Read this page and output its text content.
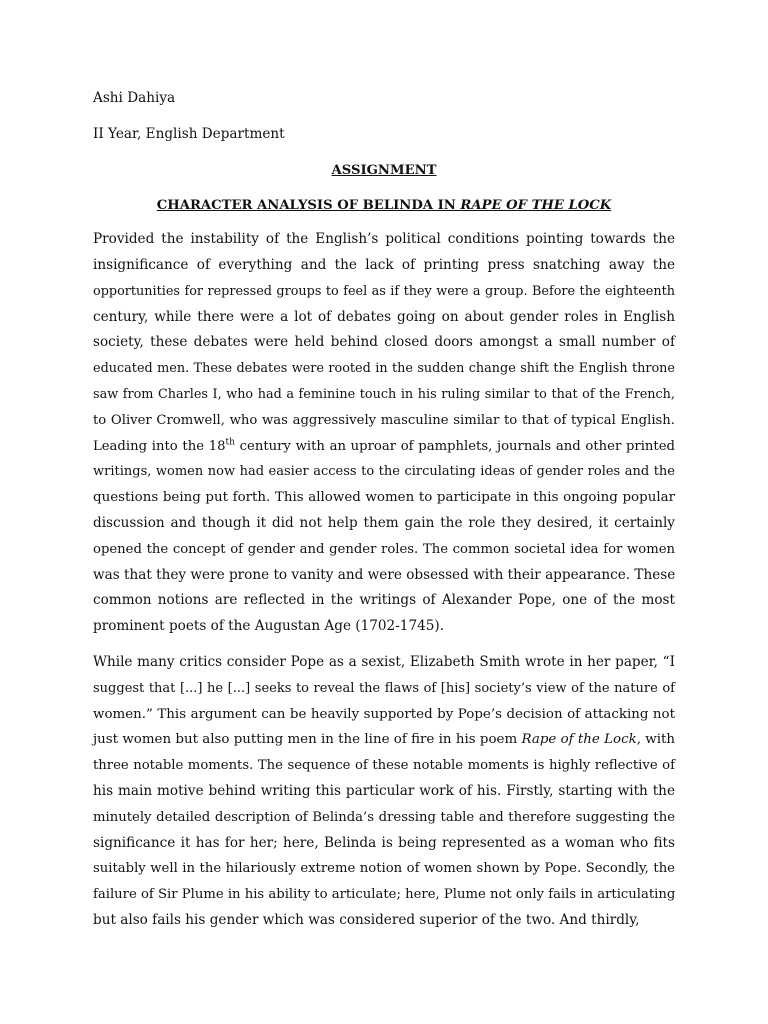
Ashi Dahiya
II Year, English Department
ASSIGNMENT
CHARACTER ANALYSIS OF BELINDA IN RAPE OF THE LOCK
Provided the instability of the English’s political conditions pointing towards the
insignificance of everything and the lack of printing press snatching away the
opportunities for repressed groups to feel as if they were a group. Before the eighteenth
century, while there were a lot of debates going on about gender roles in English
society, these debates were held behind closed doors amongst a small number of
educated men. These debates were rooted in the sudden change shift the English throne
saw from Charles I, who had a feminine touch in his ruling similar to that of the French,
to Oliver Cromwell, who was aggressively masculine similar to that of typical English.
Leading into the 18th century with an uproar of pamphlets, journals and other printed
writings, women now had easier access to the circulating ideas of gender roles and the
questions being put forth. This allowed women to participate in this ongoing popular
discussion and though it did not help them gain the role they desired, it certainly
opened the concept of gender and gender roles. The common societal idea for women
was that they were prone to vanity and were obsessed with their appearance. These
common notions are reflected in the writings of Alexander Pope, one of the most
prominent poets of the Augustan Age (1702-1745).
While many critics consider Pope as a sexist, Elizabeth Smith wrote in her paper, “I
suggest that [...] he [...] seeks to reveal the flaws of [his] society’s view of the nature of
women.” This argument can be heavily supported by Pope’s decision of attacking not
just women but also putting men in the line of fire in his poem Rape of the Lock, with
three notable moments. The sequence of these notable moments is highly reflective of
his main motive behind writing this particular work of his. Firstly, starting with the
minutely detailed description of Belinda’s dressing table and therefore suggesting the
significance it has for her; here, Belinda is being represented as a woman who fits
suitably well in the hilariously extreme notion of women shown by Pope. Secondly, the
failure of Sir Plume in his ability to articulate; here, Plume not only fails in articulating
but also fails his gender which was considered superior of the two. And thirdly,
